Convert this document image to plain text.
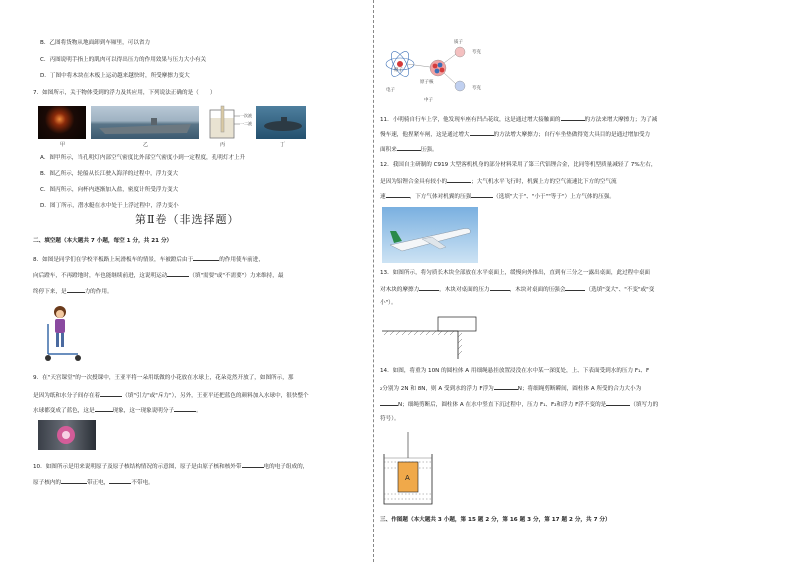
B．乙图将货物从地面卸到车厢里，可以省力
C．丙图说明手指上的肌肉可以得出压力的作用效果与压力大小有关
D．丁图中将木块在木板上运动越来越快时，所受摩擦力变大
7．如图所示，关于物体受到的浮力及其应用，下列说法正确的是（　　）
一次液
一二液
甲	乙	丙	丁
A．图甲所示，当孔明灯内部空气密度比外部空气密度小到一定程度，孔明灯才上升
B．图乙所示，轮船从长江驶入海洋的过程中，浮力变大
C．图丙所示，向杯内逐渐加入盐，密度计所受浮力变大
D．图丁所示，潜水艇在水中处于上浮过程中，浮力变小
第Ⅱ卷（非选择题）
二、填空题（本大题共 7 小题，每空 1 分，共 21 分）
8．如图是同学们在学校平板路上玩滑板车的情景，车被蹬后由于	的作用使车前进，
向后蹬车，不再蹬地时，车也能继续前进，这说明运动	（填"需要"或"不需要"）力来维持，最
终停下来，是	力的作用。
9．在"天宫课堂"的一次授课中，王亚平将一朵用纸做的小花放在水球上，花朵竟然开放了，如图所示，那
是因为纸和水分子间存在着	（填"引力"或"斥力"），另外，王亚平还把蓝色的颜料加入水球中，很快整个
水球都变成了蓝色，这是	现象，这一现象说明分子	。
10．如图所示是用来说明原子及原子核结构情况的示意图，原子是由原子核和核外带	电的电子组成的，
原子核内的	带正电，	不带电。
质子
夸克
原子
原子核
电子
中子
夸克
11．小明骑自行车上学，他发现车座有凹凸花纹，这是通过增大接触面的	的方法来增大摩擦力；为了减
慢车速，他捏紧车闸，这是通过增大	的方法增大摩擦力；自行车坐垫做得宽大具目的是通过增加受力
面积来	压强。
12．我国自主研制的 C919 大型客机机身的部分材料采用了第三代铝锂合金，比同等机型质量减轻了 7%左右，
是因为铝锂合金具有较小的	；大气机水平飞行时，机翼上方的空气流速比下方的空气流
速	，下方气体对机翼的压强	（选填"大于"、"小于""等于"）上方气体的压强。
13．如图所示，将匀质长木块全部放在水平桌面上，缓慢向外推出，直到有三分之一露出桌面，此过程中桌面
对木块的摩擦力	，木块对桌面的压力	，木块对桌面的压强会	（选填"变大"、"不变"或"变
小"）。
14．如图，将重为 10N 的圆柱体 A 用细绳悬挂放置浸没在水中某一深度处，上、下表面受到水的压力 F₁、F
₂分别为 2N 和 8N，则 A 受到水的浮力 F浮为	N；将细绳剪断瞬间，圆柱体 A 所受的合力大小为
N；细绳剪断后，圆柱体 A 在水中竖直下沉过程中，压力 F₁、F₂和浮力 F浮不变的是	（填写力的
符号）。
A
三、作图题（本大题共 3 小题，第 15 题 2 分，第 16 题 3 分，第 17 题 2 分，共 7 分）
